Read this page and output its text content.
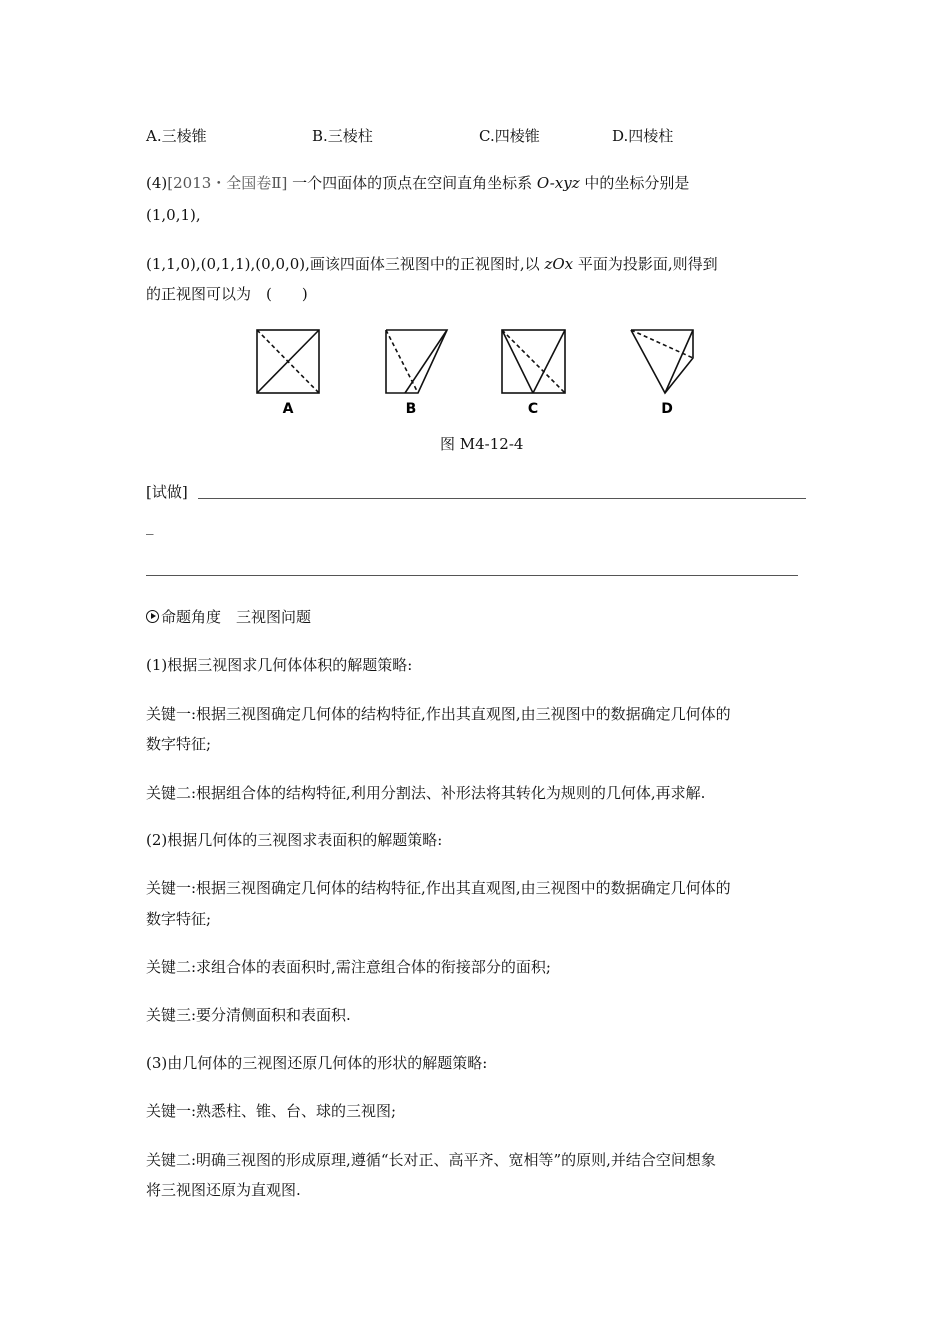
A.三棱锥	B.三棱柱	C.四棱锥	D.四棱柱
(4)[2013・全国卷Ⅱ] 一个四面体的顶点在空间直角坐标系 O-xyz 中的坐标分别是
(1,0,1),
(1,1,0),(0,1,1),(0,0,0),画该四面体三视图中的正视图时,以 zOx 平面为投影面,则得到
的正视图可以为　(　　)
A	B	C	D
图 M4-12-4
[试做]
_
命题角度　三视图问题
(1)根据三视图求几何体体积的解题策略:
关键一:根据三视图确定几何体的结构特征,作出其直观图,由三视图中的数据确定几何体的
数字特征;
关键二:根据组合体的结构特征,利用分割法、补形法将其转化为规则的几何体,再求解.
(2)根据几何体的三视图求表面积的解题策略:
关键一:根据三视图确定几何体的结构特征,作出其直观图,由三视图中的数据确定几何体的
数字特征;
关键二:求组合体的表面积时,需注意组合体的衔接部分的面积;
关键三:要分清侧面积和表面积.
(3)由几何体的三视图还原几何体的形状的解题策略:
关键一:熟悉柱、锥、台、球的三视图;
关键二:明确三视图的形成原理,遵循“长对正、高平齐、宽相等”的原则,并结合空间想象
将三视图还原为直观图.
